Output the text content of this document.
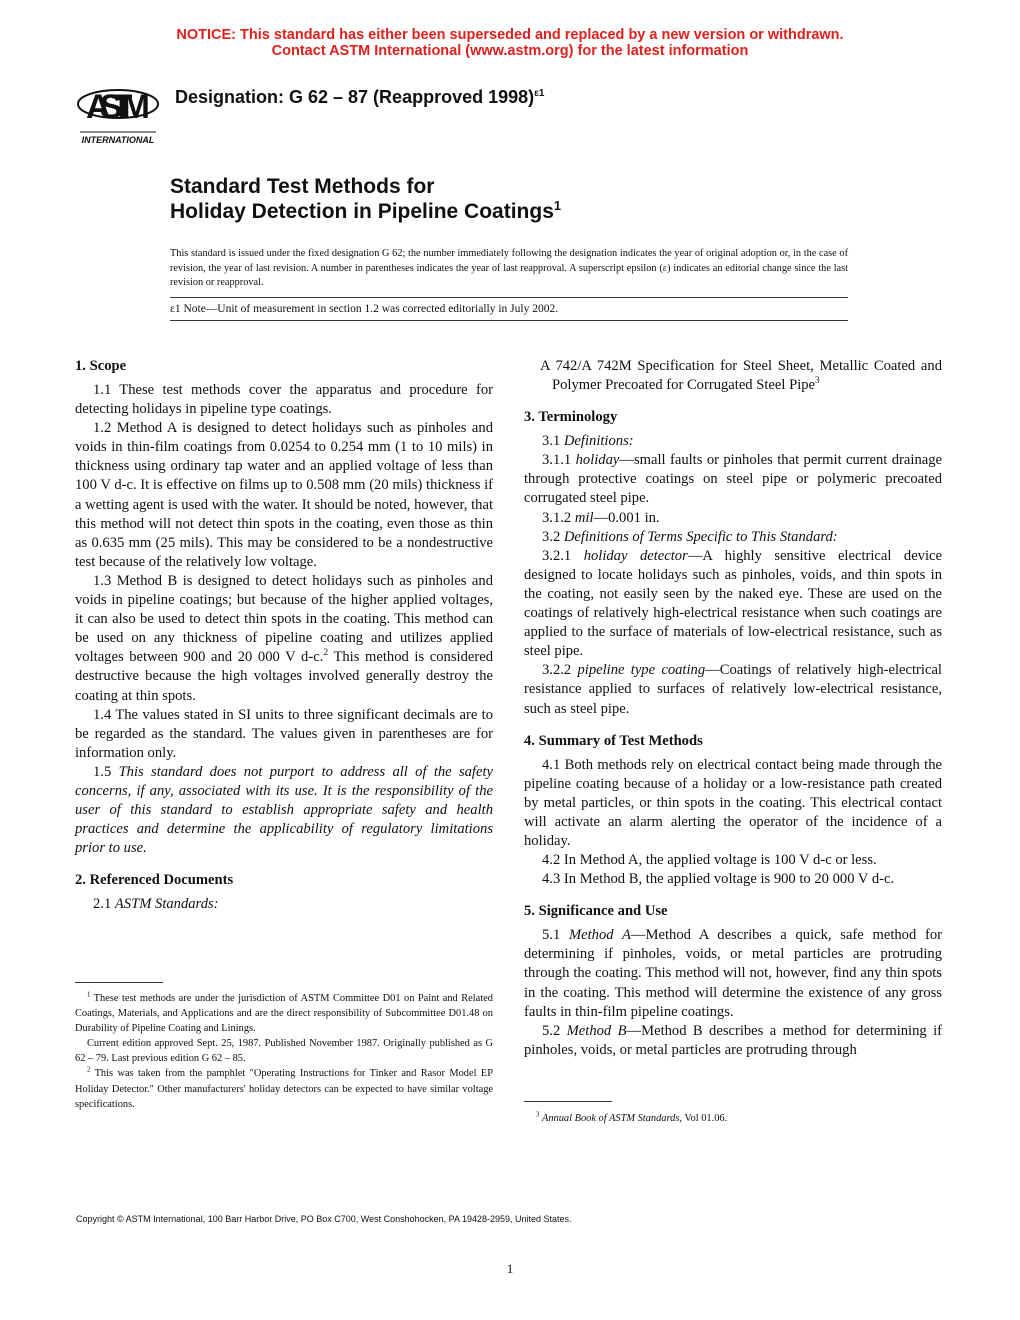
NOTICE: This standard has either been superseded and replaced by a new version or withdrawn.
Contact ASTM International (www.astm.org) for the latest information
ASTM
INTERNATIONAL
Designation: G 62 – 87 (Reapproved 1998)$^{\varepsilon 1}$
Standard Test Methods for
Holiday Detection in Pipeline Coatings$^1$
This standard is issued under the fixed designation G 62; the number immediately following the designation indicates the year of original adoption or, in the case of revision, the year of last revision. A number in parentheses indicates the year of last reapproval. A superscript epsilon (ε) indicates an editorial change since the last revision or reapproval.
ε1 Note—Unit of measurement in section 1.2 was corrected editorially in July 2002.
1. Scope

1.1 These test methods cover the apparatus and procedure for detecting holidays in pipeline type coatings.

1.2 Method A is designed to detect holidays such as pinholes and voids in thin-film coatings from 0.0254 to 0.254 mm (1 to 10 mils) in thickness using ordinary tap water and an applied voltage of less than 100 V d-c. It is effective on films up to 0.508 mm (20 mils) thickness if a wetting agent is used with the water. It should be noted, however, that this method will not detect thin spots in the coating, even those as thin as 0.635 mm (25 mils). This may be considered to be a nondestructive test because of the relatively low voltage.

1.3 Method B is designed to detect holidays such as pinholes and voids in pipeline coatings; but because of the higher applied voltages, it can also be used to detect thin spots in the coating. This method can be used on any thickness of pipeline coating and utilizes applied voltages between 900 and 20 000 V d-c.$^2$ This method is considered destructive because the high voltages involved generally destroy the coating at thin spots.

1.4 The values stated in SI units to three significant decimals are to be regarded as the standard. The values given in parentheses are for information only.

1.5 This standard does not purport to address all of the safety concerns, if any, associated with its use. It is the responsibility of the user of this standard to establish appropriate safety and health practices and determine the applicability of regulatory limitations prior to use.

2. Referenced Documents

2.1 ASTM Standards:

A 742/A 742M Specification for Steel Sheet, Metallic Coated and Polymer Precoated for Corrugated Steel Pipe$^3$

3. Terminology

3.1 Definitions:

3.1.1 holiday—small faults or pinholes that permit current drainage through protective coatings on steel pipe or polymeric precoated corrugated steel pipe.

3.1.2 mil—0.001 in.

3.2 Definitions of Terms Specific to This Standard:

3.2.1 holiday detector—A highly sensitive electrical device designed to locate holidays such as pinholes, voids, and thin spots in the coating, not easily seen by the naked eye. These are used on the coatings of relatively high-electrical resistance when such coatings are applied to the surface of materials of low-electrical resistance, such as steel pipe.

3.2.2 pipeline type coating—Coatings of relatively high-electrical resistance applied to surfaces of relatively low-electrical resistance, such as steel pipe.

4. Summary of Test Methods

4.1 Both methods rely on electrical contact being made through the pipeline coating because of a holiday or a low-resistance path created by metal particles, or thin spots in the coating. This electrical contact will activate an alarm alerting the operator of the incidence of a holiday.

4.2 In Method A, the applied voltage is 100 V d-c or less.

4.3 In Method B, the applied voltage is 900 to 20 000 V d-c.

5. Significance and Use

5.1 Method A—Method A describes a quick, safe method for determining if pinholes, voids, or metal particles are protruding through the coating. This method will not, however, find any thin spots in the coating. This method will determine the existence of any gross faults in thin-film pipeline coatings.

5.2 Method B—Method B describes a method for determining if pinholes, voids, or metal particles are protruding through

$^1$ These test methods are under the jurisdiction of ASTM Committee D01 on Paint and Related Coatings, Materials, and Applications and are the direct responsibility of Subcommittee D01.48 on Durability of Pipeline Coating and Linings.

Current edition approved Sept. 25, 1987. Published November 1987. Originally published as G 62 – 79. Last previous edition G 62 – 85.

$^2$ This was taken from the pamphlet "Operating Instructions for Tinker and Rasor Model EP Holiday Detector." Other manufacturers' holiday detectors can be expected to have similar voltage specifications.

$^3$ Annual Book of ASTM Standards, Vol 01.06.

Copyright © ASTM International, 100 Barr Harbor Drive, PO Box C700, West Conshohocken, PA 19428-2959, United States.
1
